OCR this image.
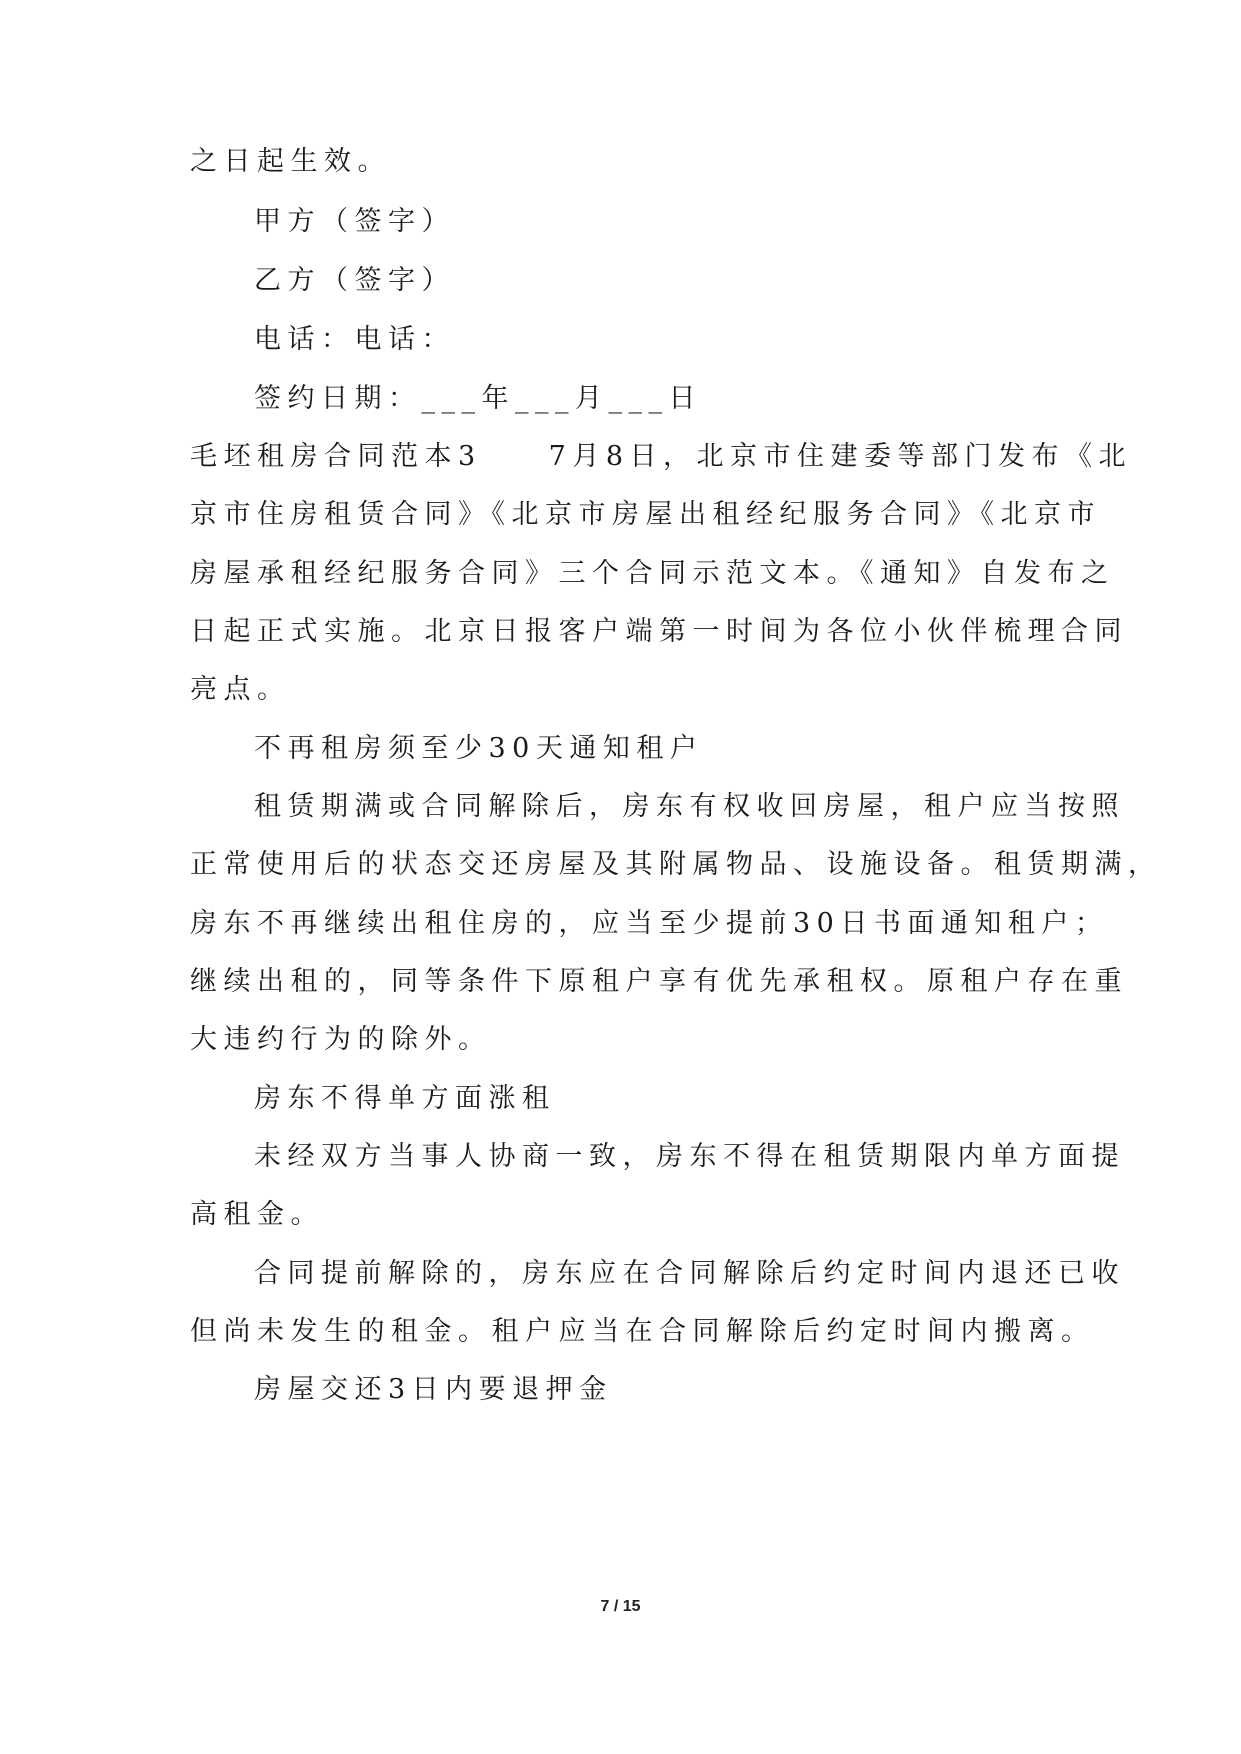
之日起生效。
甲方（签字）
乙方（签字）
电话：电话：
签约日期：___年___月___日
毛坯租房合同范本3　　7月8日，北京市住建委等部门发布《北
京市住房租赁合同》《北京市房屋出租经纪服务合同》《北京市
房屋承租经纪服务合同》三个合同示范文本。《通知》自发布之
日起正式实施。北京日报客户端第一时间为各位小伙伴梳理合同
亮点。
不再租房须至少30天通知租户
租赁期满或合同解除后，房东有权收回房屋，租户应当按照
正常使用后的状态交还房屋及其附属物品、设施设备。租赁期满，
房东不再继续出租住房的，应当至少提前30日书面通知租户；
继续出租的，同等条件下原租户享有优先承租权。原租户存在重
大违约行为的除外。
房东不得单方面涨租
未经双方当事人协商一致，房东不得在租赁期限内单方面提
高租金。
合同提前解除的，房东应在合同解除后约定时间内退还已收
但尚未发生的租金。租户应当在合同解除后约定时间内搬离。
房屋交还3日内要退押金
7 / 15
